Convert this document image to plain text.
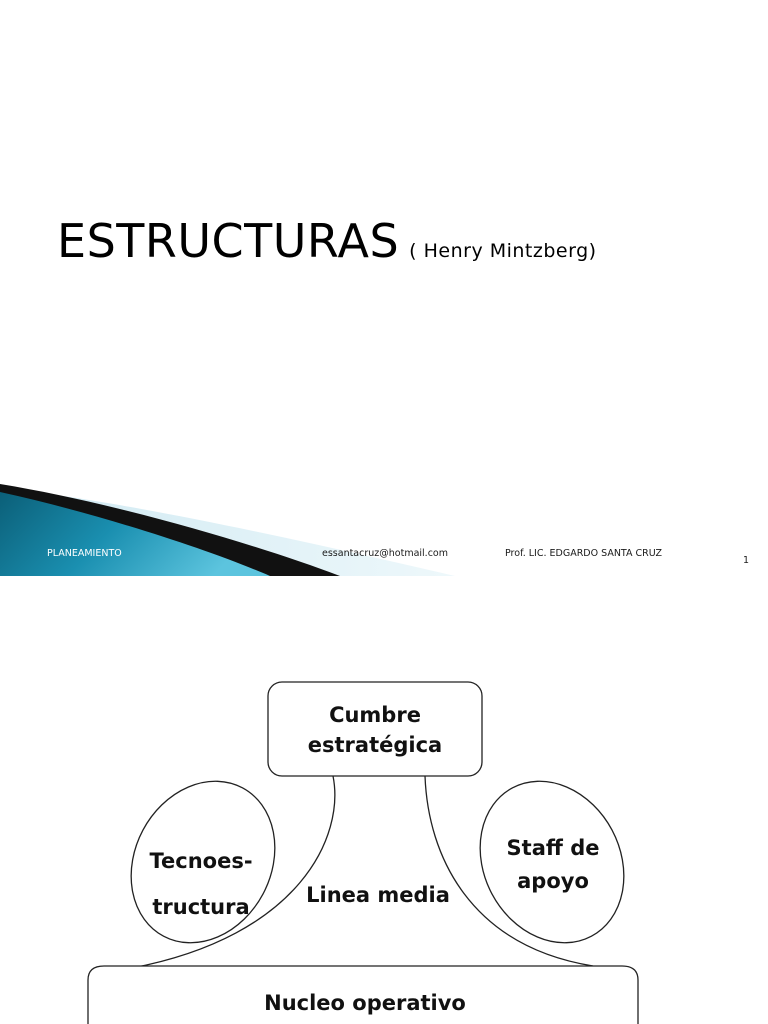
ESTRUCTURAS ( Henry Mintzberg)
PLANEAMIENTO	essantacruz@hotmail.com	Prof. LIC. EDGARDO SANTA CRUZ
1
Cumbre
estratégica
Tecnoes-
tructura
Staff de
apoyo
Linea media
Nucleo operativo
